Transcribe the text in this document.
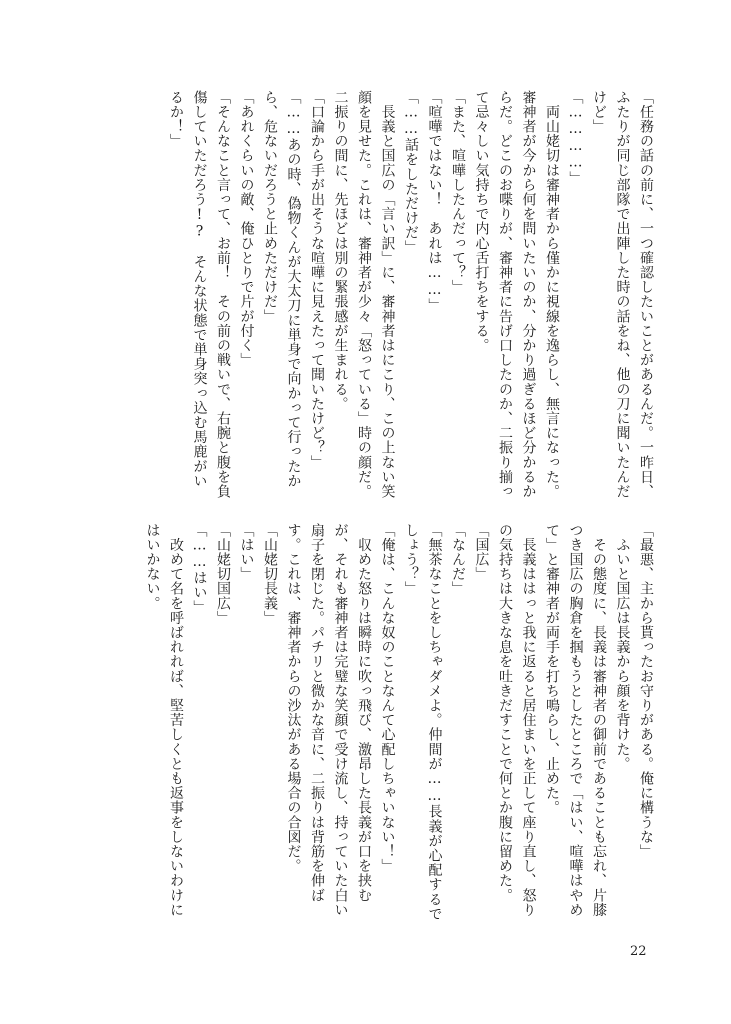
「任務の話の前に、一つ確認したいことがあるんだ。一昨日、ふたりが同じ部隊で出陣した時の話をね、他の刀に聞いたんだけど」

「…………」

　両山姥切は審神者から僅かに視線を逸らし、無言になった。審神者が今から何を問いたいのか、分かり過ぎるほど分かるからだ。どこのお喋りが、審神者に告げ口したのか、二振り揃って忌々しい気持ちで内心舌打ちをする。

「また、喧嘩したんだって？」

「喧嘩ではない！　あれは……」

「……話をしただけだ」

　長義と国広の「言い訳」に、審神者はにこり、この上ない笑顔を見せた。これは、審神者が少々「怒っている」時の顔だ。二振りの間に、先ほどは別の緊張感が生まれる。

「口論から手が出そうな喧嘩に見えたって聞いたけど？」

「……あの時、偽物くんが大太刀に単身で向かって行ったから、危ないだろうと止めただけだ」

「あれくらいの敵、俺ひとりで片が付く」

「そんなこと言って、お前！　その前の戦いで、右腕と腹を負傷していただろう!?　そんな状態で単身突っ込む馬鹿がいるか！」

「最悪、主から貰ったお守りがある。俺に構うな」

　ふいと国広は長義から顔を背けた。

　その態度に、長義は審神者の御前であることも忘れ、片膝つき国広の胸倉を掴もうとしたところで「はい、喧嘩はやめて」と審神者が両手を打ち鳴らし、止めた。

　長義ははっと我に返ると居住まいを正して座り直し、怒りの気持ちは大きな息を吐きだすことで何とか腹に留めた。

「国広」

「なんだ」

「無茶なことをしちゃダメよ。仲間が……長義が心配するでしょう？」

「俺は、こんな奴のことなんて心配しちゃいない！」

　収めた怒りは瞬時に吹っ飛び、激昂した長義が口を挟むが、それも審神者は完璧な笑顔で受け流し、持っていた白い扇子を閉じた。パチリと微かな音に、二振りは背筋を伸ばす。これは、審神者からの沙汰がある場合の合図だ。

「山姥切長義」

「はい」

「山姥切国広」

「……はい」

　改めて名を呼ばれれば、堅苦しくとも返事をしないわけにはいかない。

22
